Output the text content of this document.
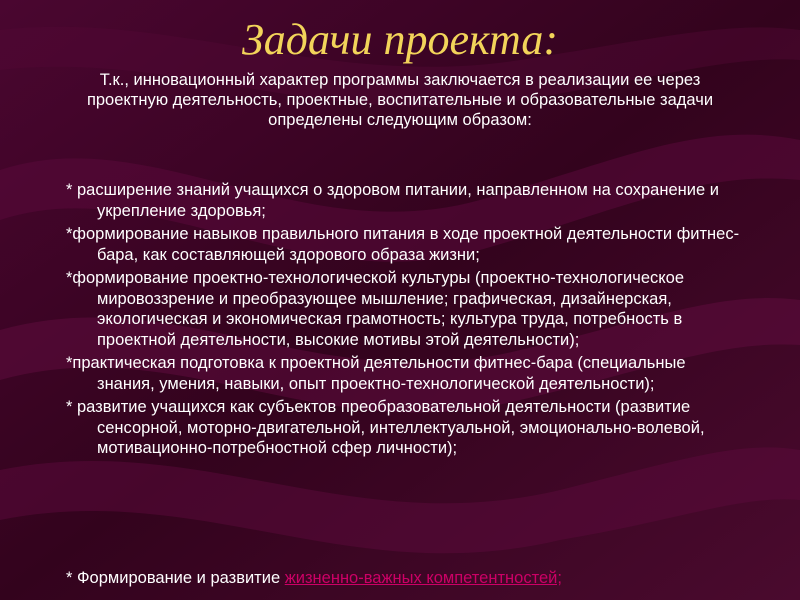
Задачи проекта:
Т.к., инновационный характер программы заключается в реализации ее через проектную деятельность, проектные, воспитательные и образовательные задачи определены следующим образом:
* расширение знаний учащихся о здоровом питании, направленном на сохранение и укрепление здоровья;
*формирование навыков правильного питания в ходе проектной деятельности фитнес-бара, как составляющей здорового образа жизни;
*формирование проектно-технологической культуры (проектно-технологическое мировоззрение и преобразующее мышление; графическая, дизайнерская, экологическая и экономическая грамотность; культура труда, потребность в проектной деятельности, высокие мотивы этой деятельности);
*практическая подготовка к проектной деятельности фитнес-бара (специальные знания, умения, навыки, опыт проектно-технологической деятельности);
* развитие учащихся как субъектов преобразовательной деятельности (развитие сенсорной, моторно-двигательной, интеллектуальной, эмоционально-волевой, мотивационно-потребностной сфер личности);
* Формирование и развитие жизненно-важных компетентностей;
